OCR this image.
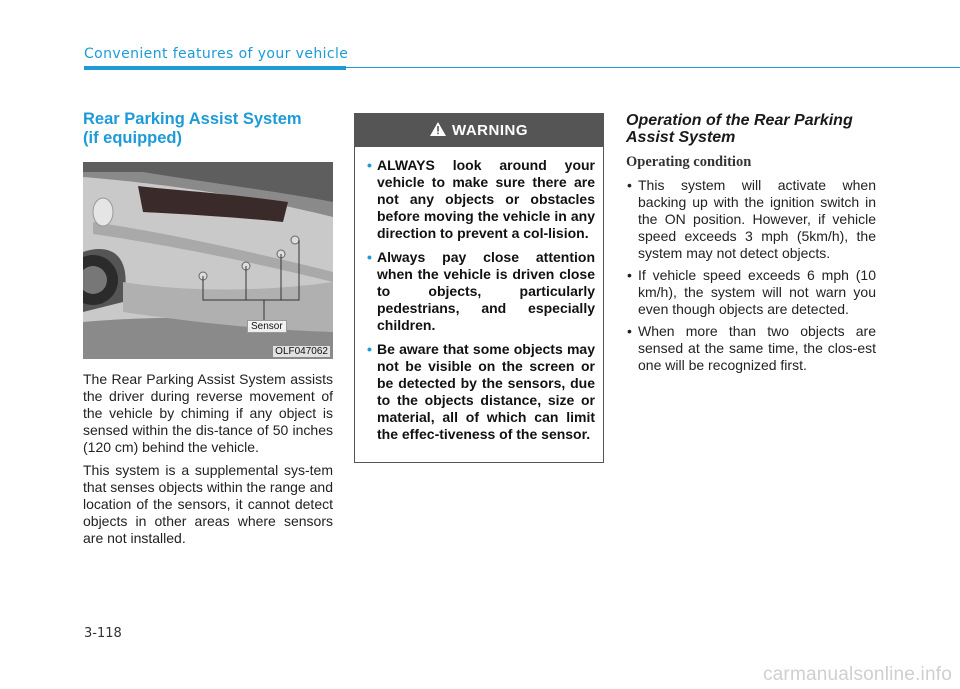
Convenient features of your vehicle
Rear Parking Assist System
(if equipped)
Sensor
OLF047062

The Rear Parking Assist System assists the driver during reverse movement of the vehicle by chiming if any object is sensed within the dis-tance of 50 inches (120 cm) behind the vehicle.

This system is a supplemental sys-tem that senses objects within the range and location of the sensors, it cannot detect objects in other areas where sensors are not installed.

WARNING
• ALWAYS look around your vehicle to make sure there are not any objects or obstacles before moving the vehicle in any direction to prevent a col-lision.
• Always pay close attention when the vehicle is driven close to objects, particularly pedestrians, and especially children.
• Be aware that some objects may not be visible on the screen or be detected by the sensors, due to the objects distance, size or material, all of which can limit the effec-tiveness of the sensor.
Operation of the Rear Parking
Assist System
Operating condition
• This system will activate when backing up with the ignition switch in the ON position. However, if vehicle speed exceeds 3 mph (5km/h), the system may not detect objects.
• If vehicle speed exceeds 6 mph (10 km/h), the system will not warn you even though objects are detected.
• When more than two objects are sensed at the same time, the clos-est one will be recognized first.
3-118
carmanualsonline.info
